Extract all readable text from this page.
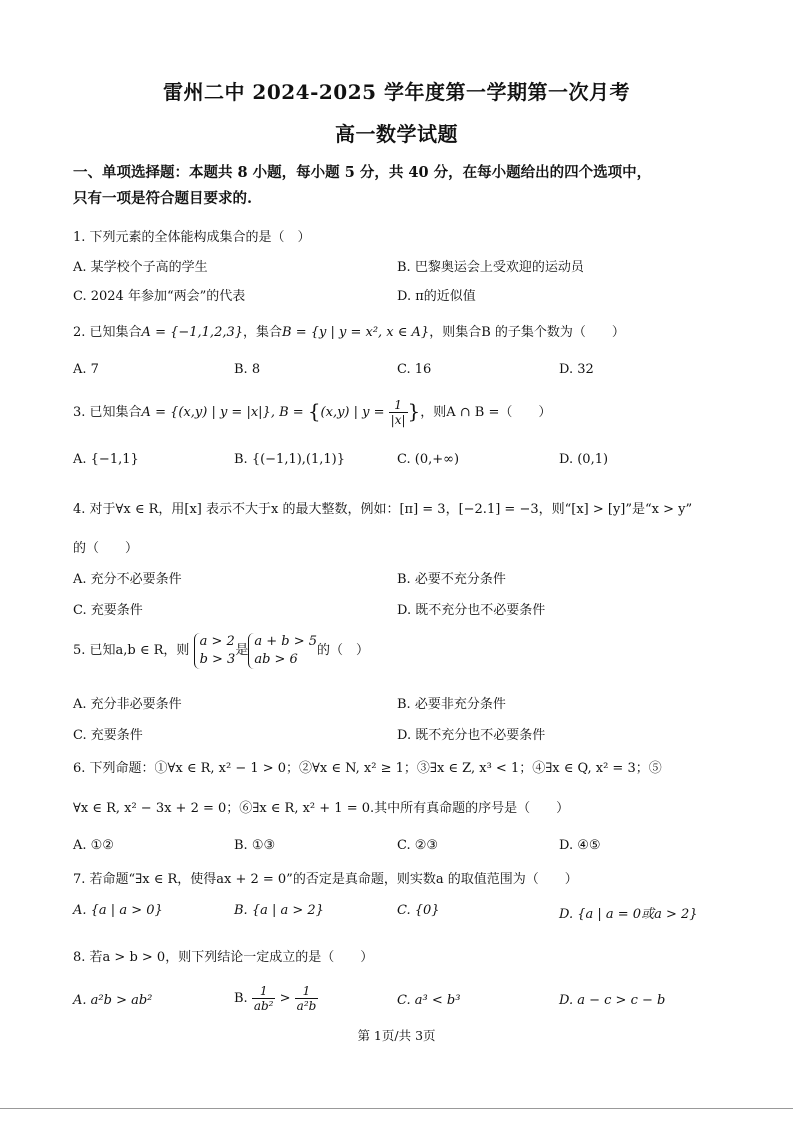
雷州二中 2024-2025 学年度第一学期第一次月考
高一数学试题
一、单项选择题：本题共 8 小题，每小题 5 分，共 40 分，在每小题给出的四个选项中，
只有一项是符合题目要求的.
1. 下列元素的全体能构成集合的是（　）
A. 某学校个子高的学生	B. 巴黎奥运会上受欢迎的运动员
C. 2024 年参加“两会”的代表	D. π的近似值
2. 已知集合A = {−1,1,2,3}，集合B = {y | y = x², x ∈ A}，则集合B 的子集个数为（　　）
A. 7	B. 8	C. 16	D. 32
3. 已知集合A = {(x,y) | y = |x|}, B = {(x,y) | $y = \frac{1}{|x|}$ }，则A ∩ B =（　　）
A. {−1,1}	B. {(−1,1),(1,1)}	C. (0,+∞)	D. (0,1)
4. 对于∀x ∈ R，用[x] 表示不大于x 的最大整数，例如：[π] = 3，[−2.1] = −3，则“[x] > [y]”是“x > y”
的（　　）
A. 充分不必要条件	B. 必要不充分条件
C. 充要条件	D. 既不充分也不必要条件
5. 已知a,b ∈ R，则
a > 2
b > 3
是
a + b > 5
ab > 6
的（　）
A. 充分非必要条件	B. 必要非充分条件
C. 充要条件	D. 既不充分也不必要条件
6. 下列命题：①∀x ∈ R, x² − 1 > 0；②∀x ∈ N, x² ≥ 1；③∃x ∈ Z, x³ < 1；④∃x ∈ Q, x² = 3；⑤
∀x ∈ R, x² − 3x + 2 = 0；⑥∃x ∈ R, x² + 1 = 0.其中所有真命题的序号是（　　）
A. ①②	B. ①③	C. ②③	D. ④⑤
7. 若命题“∃x ∈ R，使得ax + 2 = 0”的否定是真命题，则实数a 的取值范围为（　　）
A. {a | a > 0}	B. {a | a > 2}	C. {0}	D. {a | a = 0或a > 2}
8. 若a > b > 0，则下列结论一定成立的是（　　）
A. a²b > ab²	B. $\frac{1}{\text{ab²}} > \frac{1}{\text{a²b}}$	C. a³ < b³	D. a − c > c − b
第 1页/共 3页
